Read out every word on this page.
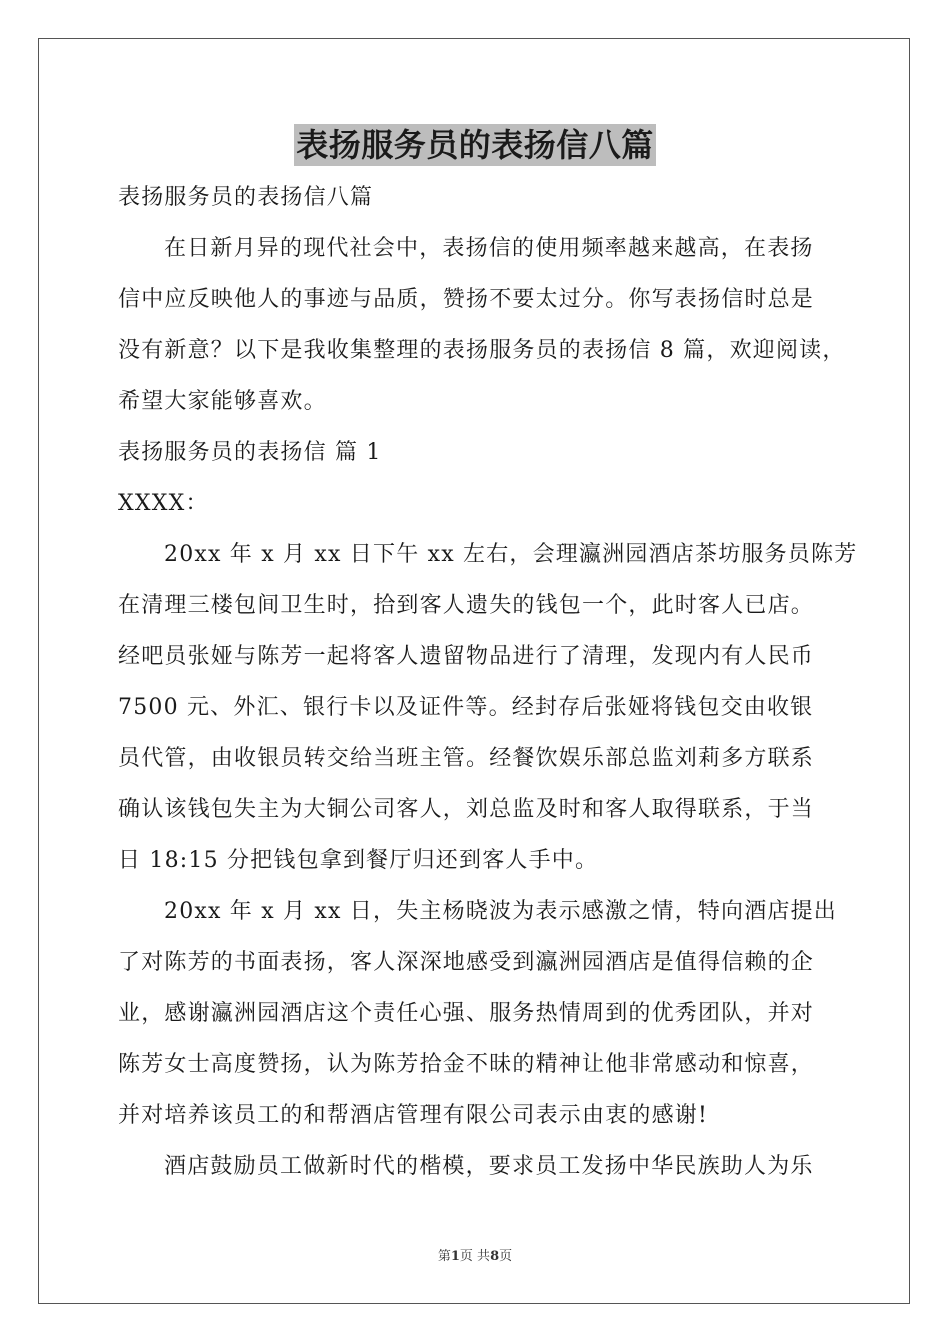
表扬服务员的表扬信八篇
表扬服务员的表扬信八篇
在日新月异的现代社会中，表扬信的使用频率越来越高，在表扬
信中应反映他人的事迹与品质，赞扬不要太过分。你写表扬信时总是
没有新意？以下是我收集整理的表扬服务员的表扬信 8 篇，欢迎阅读，
希望大家能够喜欢。
表扬服务员的表扬信 篇 1
XXXX：
20xx 年 x 月 xx 日下午 xx 左右，会理瀛洲园酒店茶坊服务员陈芳
在清理三楼包间卫生时，拾到客人遗失的钱包一个，此时客人已店。
经吧员张娅与陈芳一起将客人遗留物品进行了清理，发现内有人民币
7500 元、外汇、银行卡以及证件等。经封存后张娅将钱包交由收银
员代管，由收银员转交给当班主管。经餐饮娱乐部总监刘莉多方联系
确认该钱包失主为大铜公司客人，刘总监及时和客人取得联系，于当
日 18:15 分把钱包拿到餐厅归还到客人手中。
20xx 年 x 月 xx 日，失主杨晓波为表示感激之情，特向酒店提出
了对陈芳的书面表扬，客人深深地感受到瀛洲园酒店是值得信赖的企
业，感谢瀛洲园酒店这个责任心强、服务热情周到的优秀团队，并对
陈芳女士高度赞扬，认为陈芳拾金不昧的精神让他非常感动和惊喜，
并对培养该员工的和帮酒店管理有限公司表示由衷的感谢!
酒店鼓励员工做新时代的楷模，要求员工发扬中华民族助人为乐
第1页 共8页
